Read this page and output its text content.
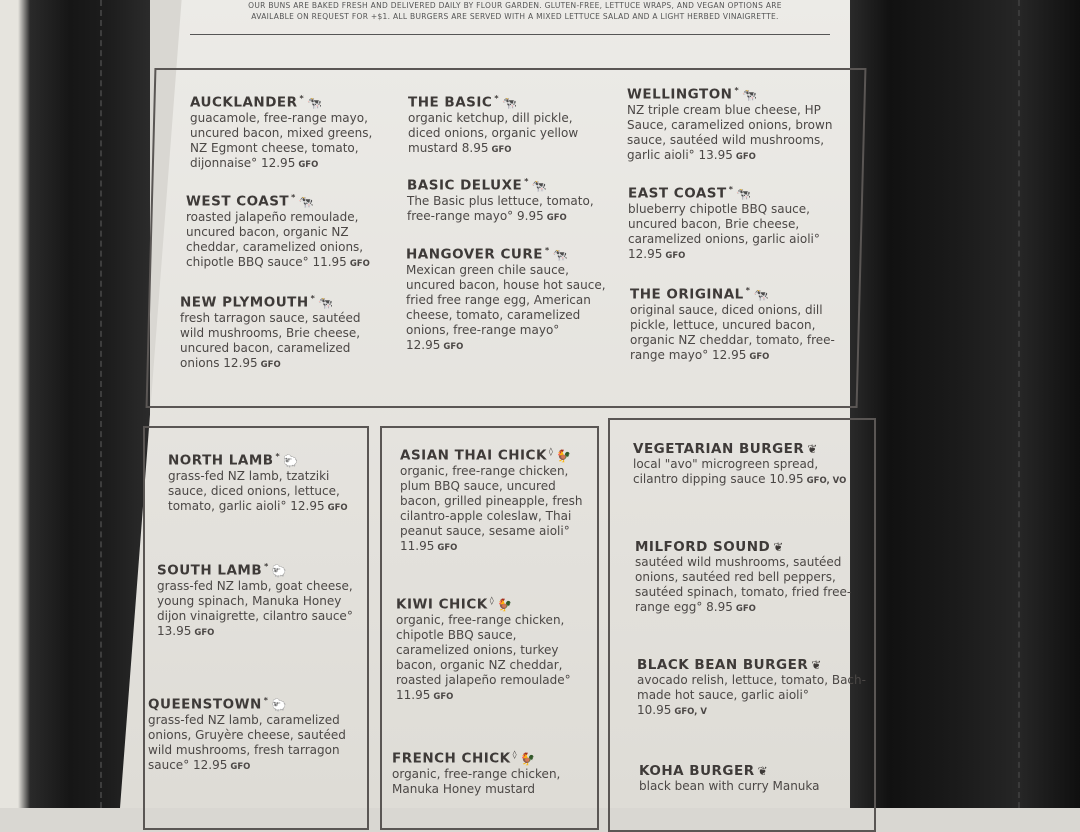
OUR BUNS ARE BAKED FRESH AND DELIVERED DAILY BY FLOUR GARDEN. GLUTEN-FREE, LETTUCE WRAPS, AND VEGAN OPTIONS ARE
AVAILABLE ON REQUEST FOR +$1. ALL BURGERS ARE SERVED WITH A MIXED LETTUCE SALAD AND A LIGHT HERBED VINAIGRETTE.
AUCKLANDER * 🐄
guacamole, free-range mayo, uncured bacon, mixed greens, NZ Egmont cheese, tomato, dijonnaise° 12.95 GFO
WEST COAST * 🐄
roasted jalapeño remoulade, uncured bacon, organic NZ cheddar, caramelized onions, chipotle BBQ sauce° 11.95 GFO
NEW PLYMOUTH * 🐄
fresh tarragon sauce, sautéed wild mushrooms, Brie cheese, uncured bacon, caramelized onions 12.95 GFO
THE BASIC * 🐄
organic ketchup, dill pickle, diced onions, organic yellow mustard 8.95 GFO
BASIC DELUXE * 🐄
The Basic plus lettuce, tomato, free-range mayo° 9.95 GFO
HANGOVER CURE * 🐄
Mexican green chile sauce, uncured bacon, house hot sauce, fried free range egg, American cheese, tomato, caramelized onions, free-range mayo° 12.95 GFO
WELLINGTON * 🐄
NZ triple cream blue cheese, HP Sauce, caramelized onions, brown sauce, sautéed wild mushrooms, garlic aioli° 13.95 GFO
EAST COAST * 🐄
blueberry chipotle BBQ sauce, uncured bacon, Brie cheese, caramelized onions, garlic aioli° 12.95 GFO
THE ORIGINAL * 🐄
original sauce, diced onions, dill pickle, lettuce, uncured bacon, organic NZ cheddar, tomato, free-range mayo° 12.95 GFO
NORTH LAMB * 🐑
grass-fed NZ lamb, tzatziki sauce, diced onions, lettuce, tomato, garlic aioli° 12.95 GFO
SOUTH LAMB * 🐑
grass-fed NZ lamb, goat cheese, young spinach, Manuka Honey dijon vinaigrette, cilantro sauce° 13.95 GFO
QUEENSTOWN * 🐑
grass-fed NZ lamb, caramelized onions, Gruyère cheese, sautéed wild mushrooms, fresh tarragon sauce° 12.95 GFO
ASIAN THAI CHICK ◊ 🐓
organic, free-range chicken, plum BBQ sauce, uncured bacon, grilled pineapple, fresh cilantro-apple coleslaw, Thai peanut sauce, sesame aioli° 11.95 GFO
KIWI CHICK ◊ 🐓
organic, free-range chicken, chipotle BBQ sauce, caramelized onions, turkey bacon, organic NZ cheddar, roasted jalapeño remoulade° 11.95 GFO
FRENCH CHICK ◊ 🐓
organic, free-range chicken, Manuka Honey mustard
VEGETARIAN BURGER ❦
local "avo" microgreen spread, cilantro dipping sauce 10.95 GFO, VO
MILFORD SOUND ❦
sautéed wild mushrooms, sautéed onions, sautéed red bell peppers, sautéed spinach, tomato, fried free-range egg° 8.95 GFO
BLACK BEAN BURGER ❦
avocado relish, lettuce, tomato, Bach-made hot sauce, garlic aioli° 10.95 GFO, V
KOHA BURGER ❦
black bean with curry Manuka
